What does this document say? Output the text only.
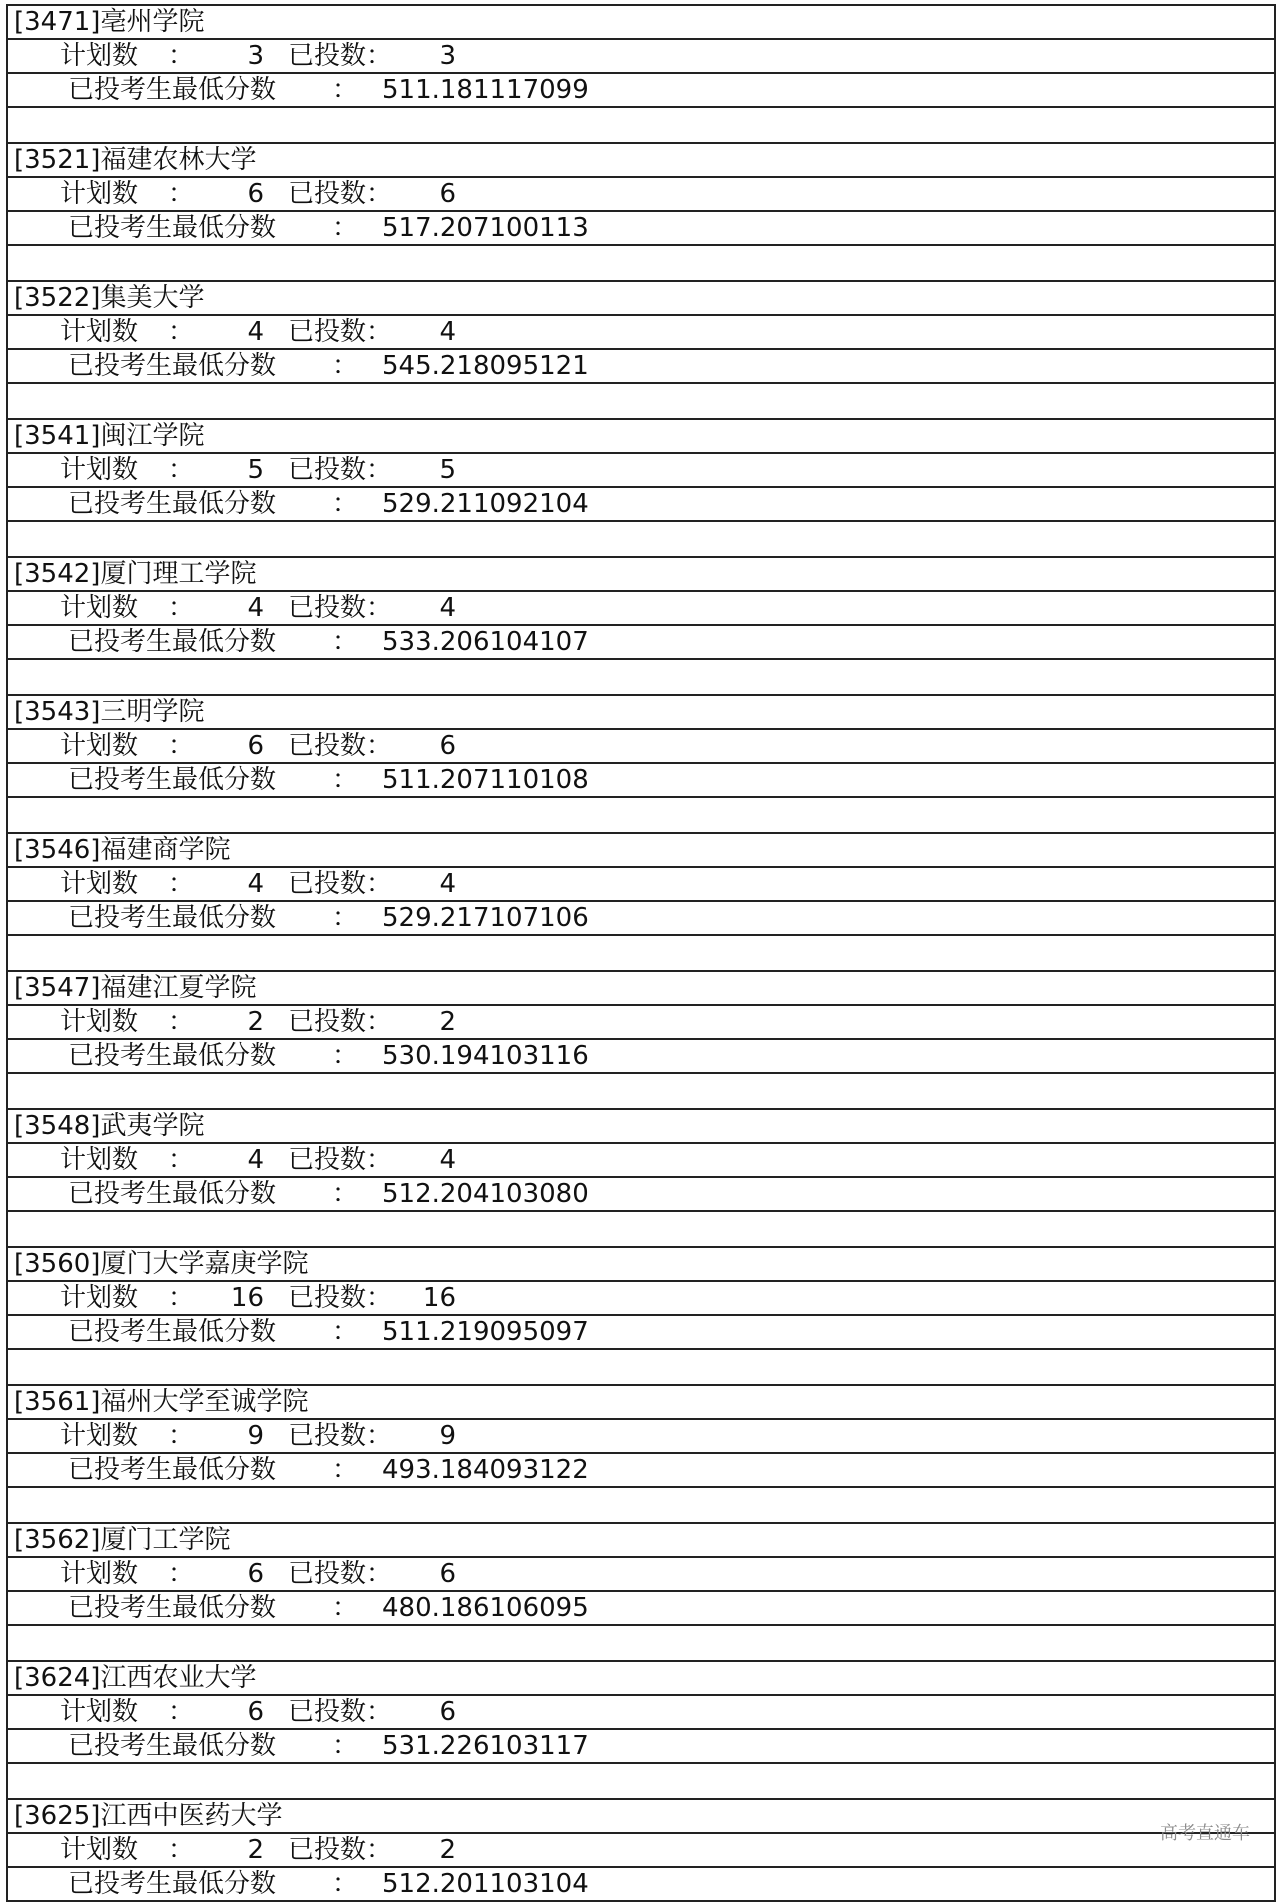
[3471]亳州学院
计划数 ：	3 已投数：	3
已投考生最低分数 ： 511.181117099
[3521]福建农林大学
计划数 ：	6 已投数：	6
已投考生最低分数 ： 517.207100113
[3522]集美大学
计划数 ：	4 已投数：	4
已投考生最低分数 ： 545.218095121
[3541]闽江学院
计划数 ：	5 已投数：	5
已投考生最低分数 ： 529.211092104
[3542]厦门理工学院
计划数 ：	4 已投数：	4
已投考生最低分数 ： 533.206104107
[3543]三明学院
计划数 ：	6 已投数：	6
已投考生最低分数 ： 511.207110108
[3546]福建商学院
计划数 ：	4 已投数：	4
已投考生最低分数 ： 529.217107106
[3547]福建江夏学院
计划数 ：	2 已投数：	2
已投考生最低分数 ： 530.194103116
[3548]武夷学院
计划数 ：	4 已投数：	4
已投考生最低分数 ： 512.204103080
[3560]厦门大学嘉庚学院
计划数 ：	16 已投数：	16
已投考生最低分数 ： 511.219095097
[3561]福州大学至诚学院
计划数 ：	9 已投数：	9
已投考生最低分数 ： 493.184093122
[3562]厦门工学院
计划数 ：	6 已投数：	6
已投考生最低分数 ： 480.186106095
[3624]江西农业大学
计划数 ：	6 已投数：	6
已投考生最低分数 ： 531.226103117
[3625]江西中医药大学
计划数 ：	2 已投数：	2
已投考生最低分数 ： 512.201103104
高考直通车
